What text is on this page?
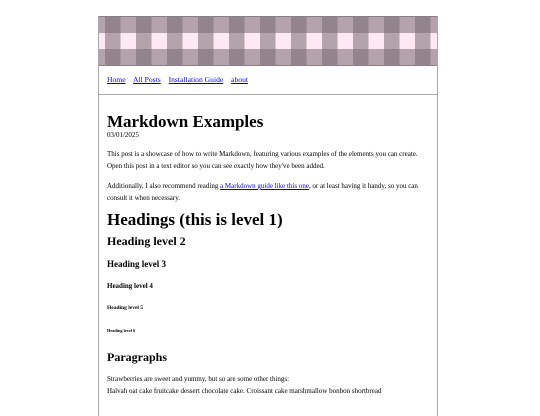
Home All Posts Installation Guide about
Markdown Examples
03/01/2025

This post is a showcase of how to write Markdown, featuring various examples of the elements you can create. Open this post in a text editor so you can see exactly how they've been added.

Additionally, I also recommend reading a Markdown guide like this one, or at least having it handy, so you can consult it when necessary.

Headings (this is level 1)
Heading level 2
Heading level 3
Heading level 4
Heading level 5
Heading level 6
Paragraphs

Strawberries are sweet and yummy, but so are some other things:

Halvah oat cake fruitcake dessert chocolate cake. Croissant cake marshmallow bonbon shortbread
